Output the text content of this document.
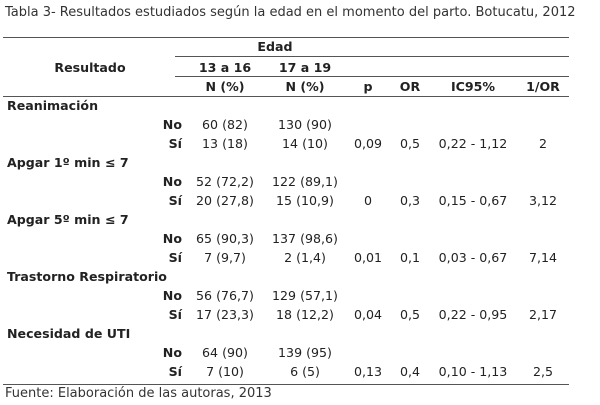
Tabla 3- Resultados estudiados según la edad en el momento del parto. Botucatu, 2012
Edad
Resultado	13 a 16	17 a 19
N (%)	N (%)	p	OR	IC95%	1/OR
Reanimación
No	60 (82)	130 (90)
Sí	13 (18)	14 (10)	0,09	0,5	0,22 - 1,12	2
Apgar 1º min ≤ 7
No	52 (72,2)	122 (89,1)
Sí	20 (27,8)	15 (10,9)	0	0,3	0,15 - 0,67	3,12
Apgar 5º min ≤ 7
No	65 (90,3)	137 (98,6)
Sí	7 (9,7)	2 (1,4)	0,01	0,1	0,03 - 0,67	7,14
Trastorno Respiratorio
No	56 (76,7)	129 (57,1)
Sí	17 (23,3)	18 (12,2)	0,04	0,5	0,22 - 0,95	2,17
Necesidad de UTI
No	64 (90)	139 (95)
Sí	7 (10)	6 (5)	0,13	0,4	0,10 - 1,13	2,5
Fuente: Elaboración de las autoras, 2013
